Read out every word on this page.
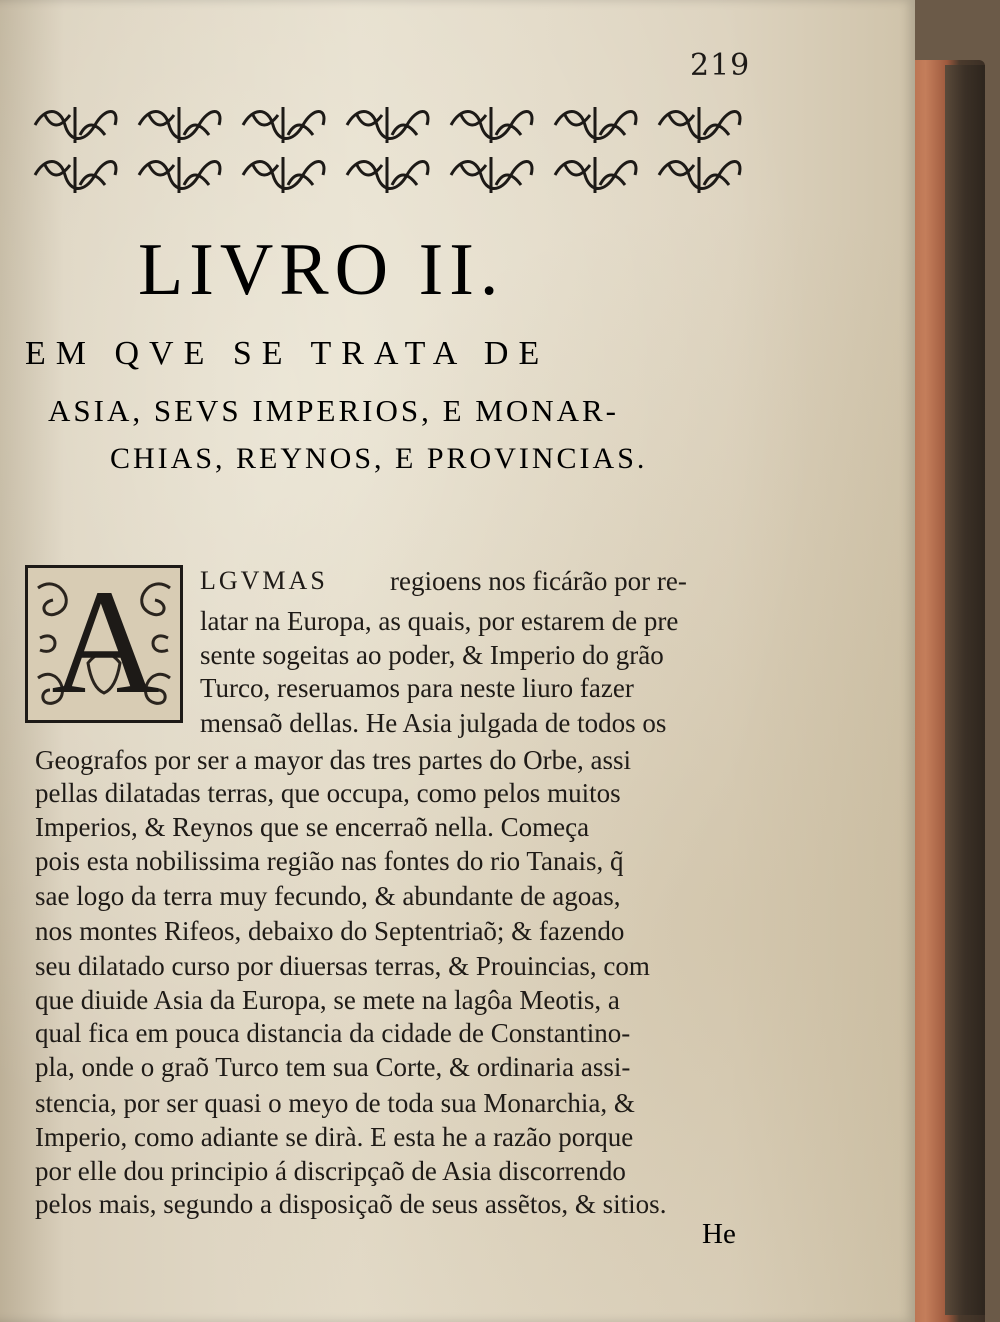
219
LIVRO II.
EM QVE SE TRATA DE
ASIA, SEVS IMPERIOS, E MONAR-
CHIAS, REYNOS, E PROVINCIAS.
A LGVMAS regioens nos ficárão por re-
latar na Europa, as quais, por estarem de pre
sente sogeitas ao poder, & Imperio do grão
Turco, reseruamos para neste liuro fazer
mensaõ dellas. He Asia julgada de todos os
Geografos por ser a mayor das tres partes do Orbe, assi
pellas dilatadas terras, que occupa, como pelos muitos
Imperios, & Reynos que se encerraõ nella. Começa
pois esta nobilissima região nas fontes do rio Tanais, q̃
sae logo da terra muy fecundo, & abundante de agoas,
nos montes Rifeos, debaixo do Septentriaõ; & fazendo
seu dilatado curso por diuersas terras, & Prouincias, com
que diuide Asia da Europa, se mete na lagôa Meotis, a
qual fica em pouca distancia da cidade de Constantino-
pla, onde o graõ Turco tem sua Corte, & ordinaria assi-
stencia, por ser quasi o meyo de toda sua Monarchia, &
Imperio, como adiante se dirà. E esta he a razão porque
por elle dou principio á discripçaõ de Asia discorrendo
pelos mais, segundo a disposiçaõ de seus assẽtos, & sitios.
He
